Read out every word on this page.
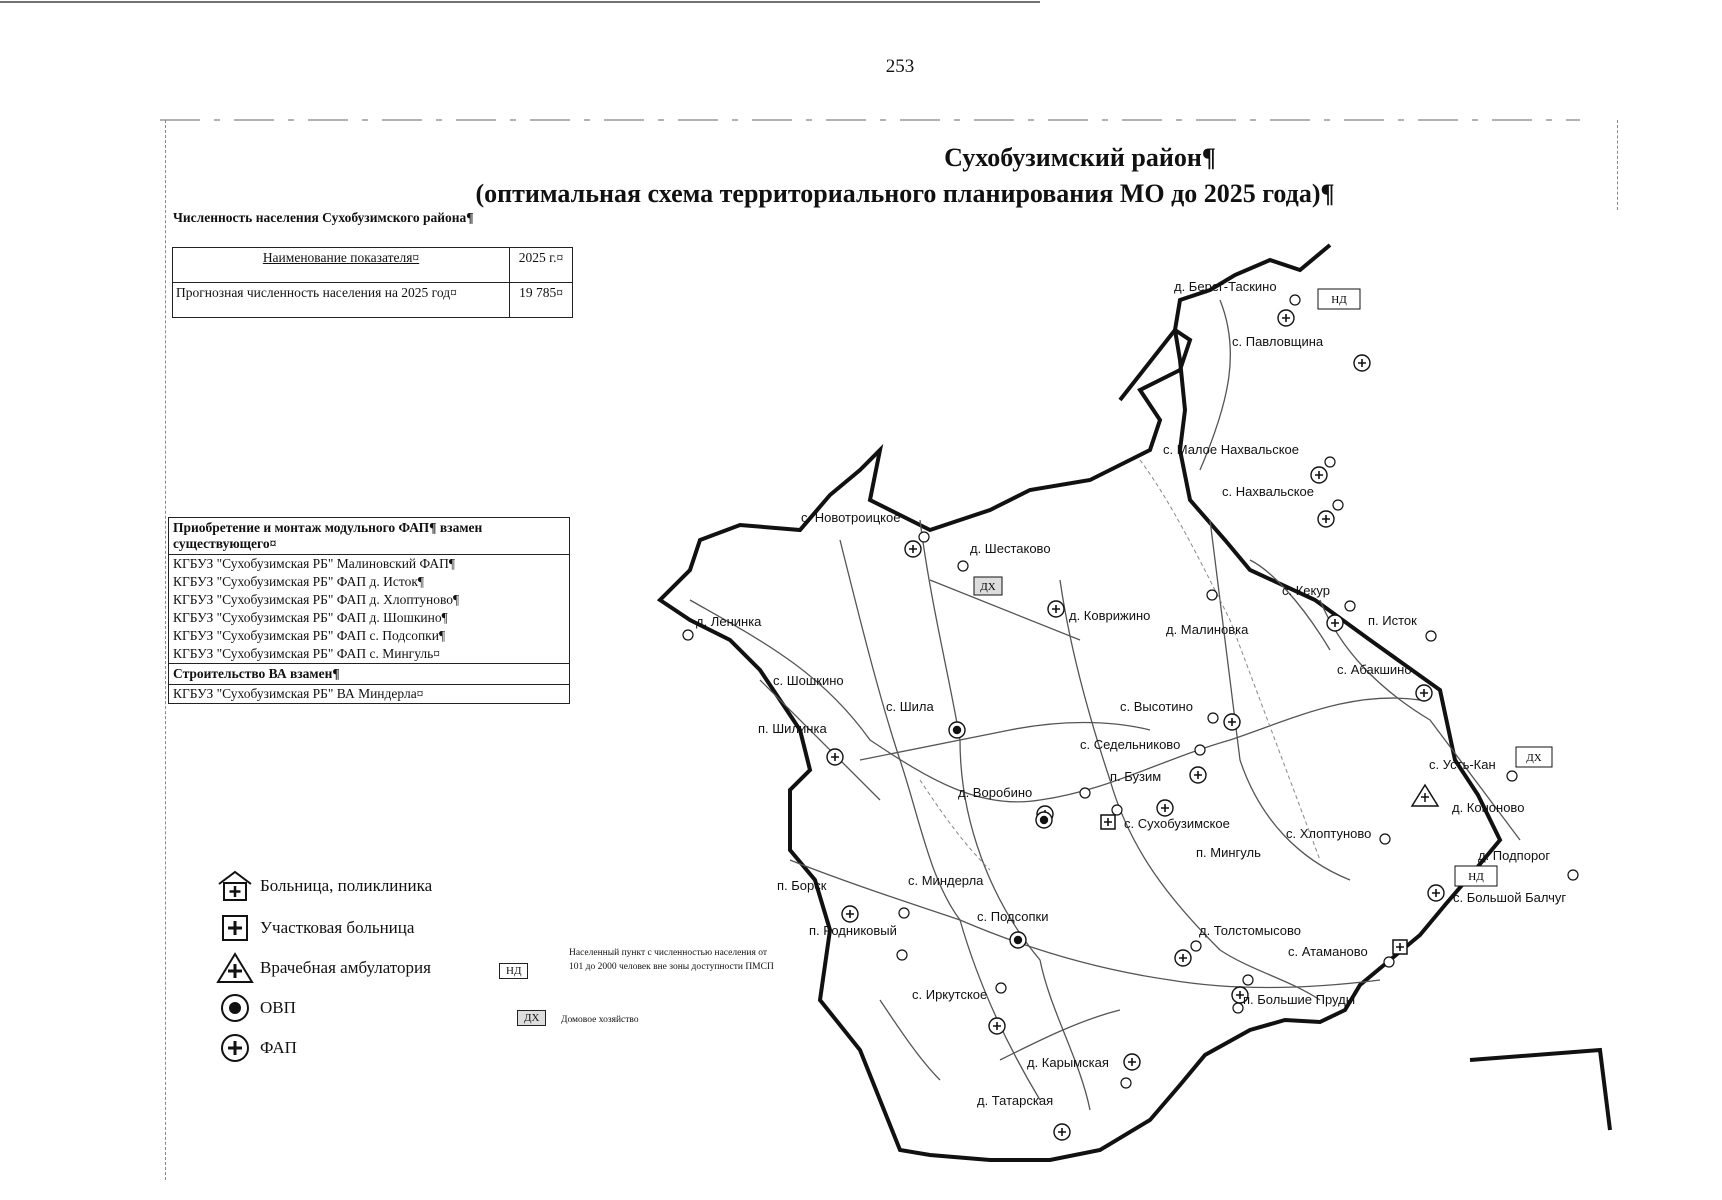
253
Сухобузимский район¶
(оптимальная схема территориального планирования МО до 2025 года)¶
Численность населения Сухобузимского района¶
Наименование показателя¤	2025 г.¤
Прогнозная численность населения на 2025 год¤	19 785¤
Приобретение и монтаж модульного ФАП¶ взамен существующего¤
КГБУЗ "Сухобузимская РБ" Малиновский ФАП¶
КГБУЗ "Сухобузимская РБ" ФАП д. Исток¶
КГБУЗ "Сухобузимская РБ" ФАП д. Хлоптуново¶
КГБУЗ "Сухобузимская РБ" ФАП д. Шошкино¶
КГБУЗ "Сухобузимская РБ" ФАП с. Подсопки¶
КГБУЗ "Сухобузимская РБ" ФАП с. Мингуль¤
Строительство ВА взамен¶
КГБУЗ "Сухобузимская РБ" ВА Миндерла¤
НД
ДХ
ДХ
НД
д. Берег-Таскино
с. Павловщина
с. Малое Нахвальское
с. Нахвальское
с. Новотроицкое
д. Шестаково
д. Ленинка	д. Коврижино
д. Малиновка
с. Кекур
п. Исток
с. Шошкино
с. Абакшино
с. Высотино
с. Шила
п. Шилинка
с. Седельниково
п. Бузим
с. Усть-Кан
д. Воробино
с. Сухобузимское
д. Кононово
п. Мингуль
с. Хлоптуново
д. Подпорог
п. Борск	с. Миндерла
с. Большой Балчуг
п. Родниковый
с. Подсопки
д. Толстомысово
с. Атаманово
с. Иркутское	п. Большие Пруды
д. Карымская
д. Татарская
Больница, поликлиника
Участковая больница
Врачебная амбулатория
ОВП
ФАП
НД
Населенный пункт с численностью населения от 101 до 2000 человек вне зоны доступности ПМСП
ДХ	Домовое хозяйство
